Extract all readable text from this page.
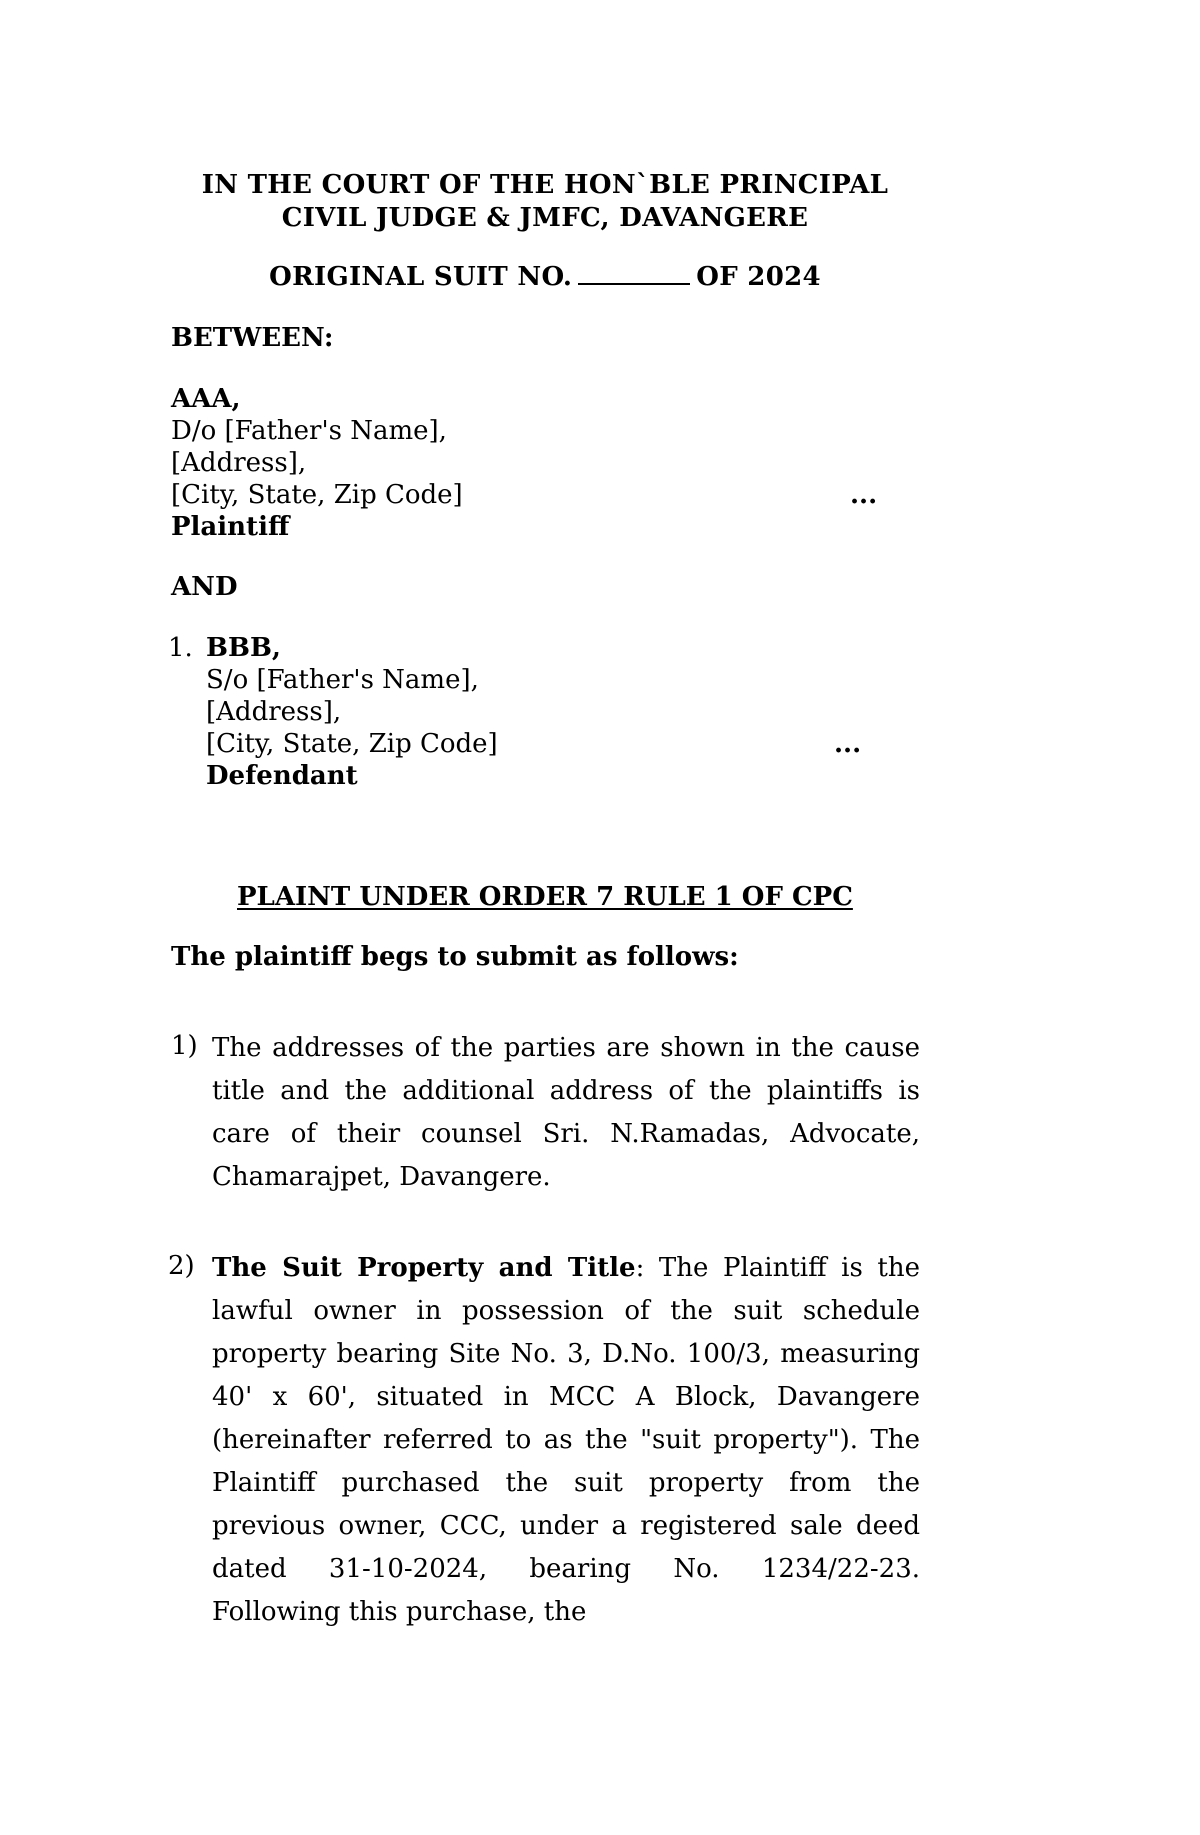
IN THE COURT OF THE HON`BLE PRINCIPAL
CIVIL JUDGE & JMFC, DAVANGERE
ORIGINAL SUIT NO.	OF 2024
BETWEEN:
AAA,
D/o [Father's Name],
[Address],
[City, State, Zip Code]	...
Plaintiff
AND
1. BBB,
S/o [Father's Name],
[Address],
[City, State, Zip Code]	...
Defendant
PLAINT UNDER ORDER 7 RULE 1 OF CPC
The plaintiff begs to submit as follows:
1) The addresses of the parties are shown in the cause title and the additional address of the plaintiffs is care of their counsel Sri. N.Ramadas, Advocate, Chamarajpet, Davangere.
2) The Suit Property and Title: The Plaintiff is the lawful owner in possession of the suit schedule property bearing Site No. 3, D.No. 100/3, measuring 40' x 60', situated in MCC A Block, Davangere (hereinafter referred to as the "suit property"). The Plaintiff purchased the suit property from the previous owner, CCC, under a registered sale deed dated 31-10-2024, bearing No. 1234/22-23. Following this purchase, the
